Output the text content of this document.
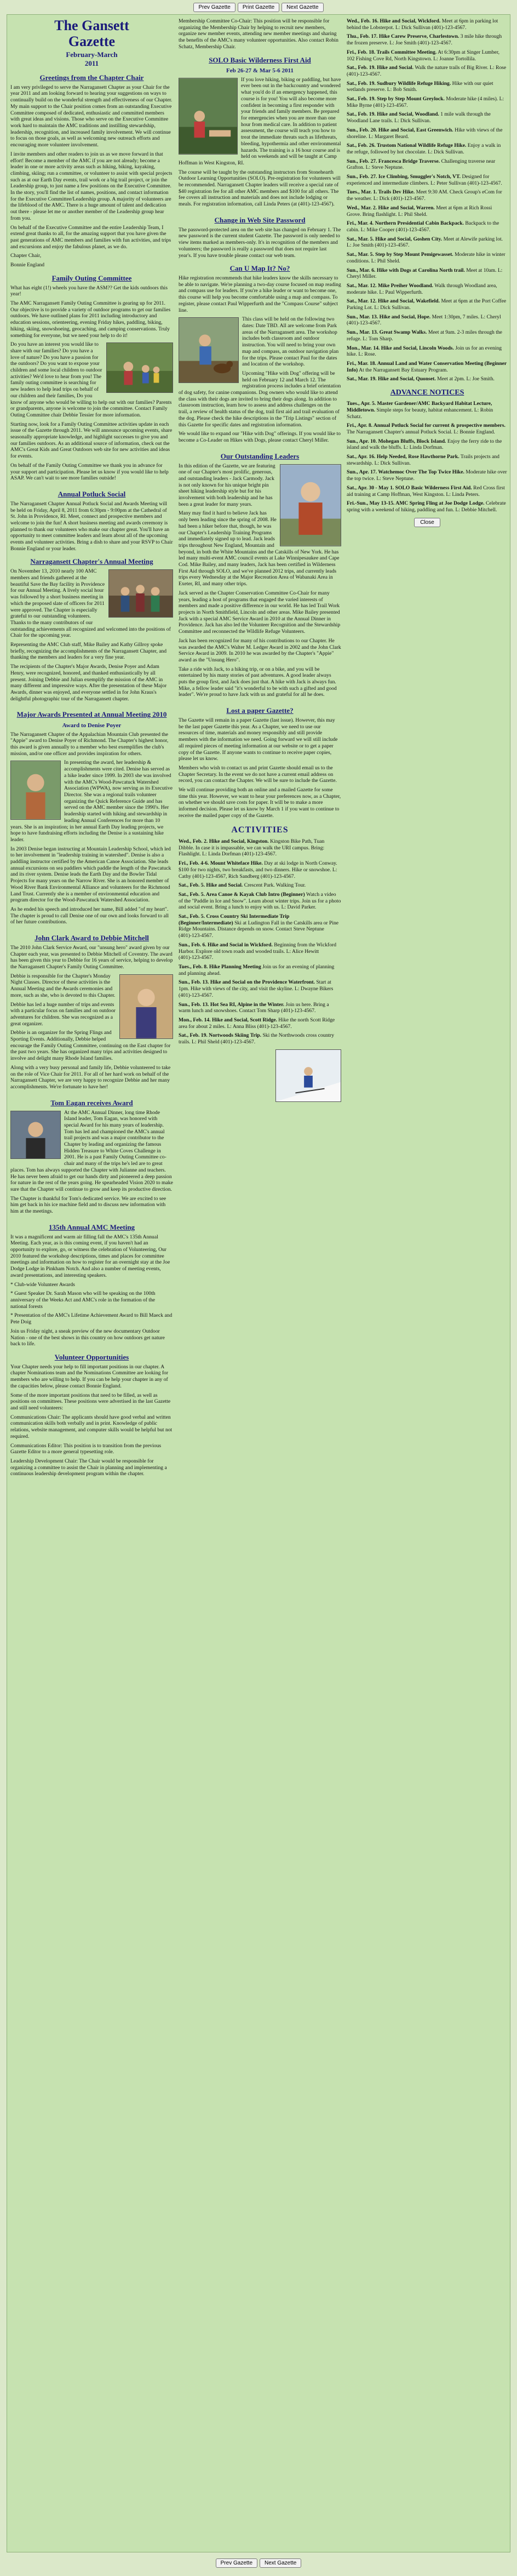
Prev Gazette	Print Gazette	Next Gazette
The Gansett
Gazette
February-March
2011
Greetings from the Chapter Chair

I am very privileged to serve the Narragansett Chapter as your Chair for the year 2011 and am looking forward to hearing your suggestions on ways to continually build on the wonderful strength and effectiveness of our Chapter. My main support to the Chair position comes from an outstanding Executive Committee composed of dedicated, enthusiastic and committed members with great ideas and visions. Those who serve on the Executive Committee work hard to maintain the AMC traditions and instilling stewardship, leadership, recognition, and increased family involvement. We will continue to focus on those goals, as well as welcoming new outreach efforts and encouraging more volunteer involvement.

I invite members and other readers to join us as we move forward in that effort! Become a member of the AMC if you are not already; become a leader in one or more activity areas such as hiking, biking, kayaking, climbing, skiing; run a committee, or volunteer to assist with special projects such as at our Earth Day events, trail work or a big trail project, or join the Leadership group, to just name a few positions on the Executive Committee. In the story, you'll find the list of names, positions, and contact information for the Executive Committee/Leadership group. A majority of volunteers are the lifeblood of the AMC. There is a huge amount of talent and dedication out there - please let me or another member of the Leadership group hear from you.

On behalf of the Executive Committee and the entire Leadership Team, I extend great thanks to all, for the amazing support that you have given the past generations of AMC members and families with fun activities, and trips and excursions and enjoy the fabulous planet, as we do.

Chapter Chair,

Bonnie England

Family Outing Committee

What has eight (1!) wheels you have the ASM?? Get the kids outdoors this year!

The AMC Narragansett Family Outing Committee is gearing up for 2011. Our objective is to provide a variety of outdoor programs to get our families outdoors. We have outlined plans for 2011 including introductory and education sessions, orienteering, evening Friday hikes, paddling, biking, hiking, skiing, snowshoeing, geocaching, and camping conservations. Truly something for everyone, but we need your help to do it!

Do you have an interest you would like to share with our families? Do you have a love of nature? Do you have a passion for the outdoors? Do you want to expose your children and some local children to outdoor activities? We'd love to hear from you! The family outing committee is searching for new leaders to help lead trips on behalf of our children and their families, Do you know of anyone who would be willing to help out with our families? Parents or grandparents, anyone is welcome to join the committee. Contact Family Outing Committee chair Debbie Tessier for more information.

Starting now, look for a Family Outing Committee activities update in each issue of the Gazette through 2011. We will announce upcoming events, share seasonally appropriate knowledge, and highlight successes to give you and our families outdoors. As an additional source of information, check out the AMC's Great Kids and Great Outdoors web site for new activities and ideas for events.

On behalf of the Family Outing Committee we thank you in advance for your support and participation. Please let us know if you would like to help ASAP. We can't wait to see more families outside!

Annual Potluck Social

The Narragansett Chapter Annual Potluck Social and Awards Meeting will be held on Friday, April 8, 2011 from 6:30pm - 9:00pm at the Cathedral of St. John in Providence, RI. Meet, connect and prospective members and welcome to join the fun! A short business meeting and awards ceremony is planned to thank our volunteers who make our chapter great. You'll have an opportunity to meet committee leaders and learn about all of the upcoming events and volunteer activities. Bring a dish to share and your RSVP to Chair Bonnie England or your leader.

Narragansett Chapter's Annual Meeting

On November 13, 2010 nearly 100 AMC members and friends gathered at the beautiful Save the Bay facility in Providence for our Annual Meeting. A lively social hour was followed by a short business meeting in which the proposed slate of officers for 2011 were approved. The Chapter is especially grateful to our outstanding volunteers. Thanks to the many contributors of our outstanding achievements all recognized and welcomed into the positions of Chair for the upcoming year.

Representing the AMC Club staff, Mike Bailey and Kathy Gillroy spoke briefly, recognizing the accomplishments of the Narragansett Chapter, and thanking the members and leaders for a very fine year.

The recipients of the Chapter's Major Awards, Denise Poyer and Adam Henry, were recognized, honored, and thanked enthusiastically by all present. Joining Debbie and Julian exemplify the mission of the AMC in many different and impressive ways. After the presentation of these Major Awards, dinner was enjoyed, and everyone settled in for John Kraus's delightful photographic tour of the Narragansett chapter.

Major Awards Presented at Annual Meeting 2010
Award to Denise Poyer

The Narragansett Chapter of the Appalachian Mountain Club presented the "Appie" award to Denise Poyer of Richmond. The Chapter's highest honor, this award is given annually to a member who best exemplifies the club's mission, and/or one officer and provides inspiration for others.

In presenting the award, her leadership & accomplishments were cited. Denise has served as a hike leader since 1999. In 2003 she was involved with the AMC's Wood-Pawcatuck Watershed Association (WPWA), now serving as its Executive Director. She was a regional trails volunteer organizing the Quick Reference Guide and has served on the AMC member since the 1990's. Her leadership started with hiking and stewardship in leading Annual Conferences for more than 10 years. She is an inspiration; in her annual Earth Day leading projects, we hope to have fundraising efforts including the Denise is a sustaining hike leader.

In 2003 Denise began instructing at Mountain Leadership School, which led to her involvement in "leadership training in watershed". Denise is also a paddling instructor certified by the American Canoe Association. She leads annual excursions on sea paddlers which paddle the length of the Pawcatuck and its river system. Denise leads the Earth Day and the Bowler Tidal Projects for many years on the Narrow River. She is an honored member of Wood River Bank Environmental Alliance and volunteers for the Richmond Land Trust. Currently she is a member of environmental education and program director for the Wood-Pawcatuck Watershed Association.

As he ended his speech and introduced her name, Bill added "of my heart". The chapter is proud to call Denise one of our own and looks forward to all of her future contributions.

John Clark Award to Debbie Mitchell

The 2010 John Clark Service Award, our "unsung hero" award given by our Chapter each year, was presented to Debbie Mitchell of Coventry. The award has been given this year to Debbie for 16 years of service, helping to develop the Narragansett Chapter's Family Outing Committee.

Debbie is responsible for the Chapter's Monday Night Classes. Director of these activities is the Annual Meeting and the Awards ceremonies and more, such as she, who is devoted to this Chapter.

Debbie has led a huge number of trips and events with a particular focus on families and on outdoor adventures for children. She was recognized as a great organizer.

Debbie is an organizer for the Spring Flings and Sporting Events. Additionally, Debbie helped encourage the Family Outing Committee, continuing on the East chapter for the past two years. She has organized many trips and activities designed to involve and delight many Rhode Island families.

Along with a very busy personal and family life, Debbie volunteered to take on the role of Vice Chair for 2011. For all of her hard work on behalf of the Narragansett Chapter, we are very happy to recognize Debbie and her many accomplishments. We're fortunate to have her!

Tom Eagan receives Award

At the AMC Annual Dinner, long time Rhode Island leader, Tom Eagan, was honored with special Award for his many years of leadership. Tom has led and championed the AMC's annual trail projects and was a major contributor to the Chapter by leading and organizing the famous Hidden Treasure to White Coves Challenge in 2001. He is a past Family Outing Committee co-chair and many of the trips he's led are to great places. Tom has always supported the Chapter with Julianne and teachers. He has never been afraid to get our hands dirty and pioneered a deep passion for nature in the rest of the years going. He spearheaded Vision 2020 to make sure that the Chapter will continue to grow and keep its productive direction.

The Chapter is thankful for Tom's dedicated service. We are excited to see him get back in his ice machine field and to discuss new information with him at the meetings.

135th Annual AMC Meeting

It was a magnificent and warm air filling fall the AMC's 135th Annual Meeting. Each year, as is this coming event, if you haven't had an opportunity to explore, go, or witness the celebration of Volunteering, Our 2010 featured the workshop descriptions, times and places for committee meetings and information on how to register for an overnight stay at the Joe Dodge Lodge in Pinkham Notch. And also a number of meeting events, award presentations, and interesting speakers.

* Club-wide Volunteer Awards

* Guest Speaker Dr. Sarah Mason who will be speaking on the 100th anniversary of the Weeks Act and AMC's role in the formation of the national forests

* Presentation of the AMC's Lifetime Achievement Award to Bill Maeck and Pete Doig

Join us Friday night, a sneak preview of the new documentary Outdoor Nation - one of the best shows in this country on how outdoors get nature back to life.

Volunteer Opportunities

Your Chapter needs your help to fill important positions in our chapter. A chapter Nominations team and the Nominations Committee are looking for members who are willing to help. If you can be help your chapter in any of the capacities below, please contact Bonnie England.

Some of the more important positions that need to be filled, as well as positions on committees. These positions were advertised in the last Gazette and still need volunteers:

Communications Chair: The applicants should have good verbal and written communication skills both verbally and in print. Knowledge of public relations, website management, and computer skills would be helpful but not required.

Communications Editor: This position is to transition from the previous Gazette Editor to a more general typesetting role.

Leadership Development Chair: The Chair would be responsible for organizing a committee to assist the Chair in planning and implementing a continuous leadership development program within the chapter.

Membership Committee Co-Chair: This position will be responsible for organizing the Membership Chair by helping to recruit new members, organize new member events, attending new member meetings and sharing the benefits of the AMC's many volunteer opportunities. Also contact Robin Schatz, Membership Chair.

SOLO Basic Wilderness First Aid
Feb 26-27 & Mar 5-6 2011

If you love hiking, biking or paddling, but have ever been out in the backcountry and wondered what you'd do if an emergency happened, this course is for you! You will also become more confident in becoming a first responder with your friends and family members. Be prepared for emergencies when you are more than one hour from medical care. In addition to patient assessment, the course will teach you how to treat the immediate threats such as lifethreats, bleeding, hypothermia and other environmental hazards. The training is a 16 hour course and is held on weekends and will be taught at Camp Hoffman in West Kingston, RI.

The course will be taught by the outstanding instructors from Stonehearth Outdoor Learning Opportunities (SOLO). Pre-registration for volunteers will be recommended. Narragansett Chapter leaders will receive a special rate of $40 registration fee for all other AMC members and $100 for all others. The fee covers all instruction and materials and does not include lodging or meals. For registration information, call Linda Peters (at (401)-123-4567).

Change in Web Site Password

The password-protected area on the web site has changed on February 1. The new password is the current student Gazette. The password is only needed to view items marked as members-only. It's in recognition of the members and volunteers; the password is really a password that does not require last year's. If you have trouble please contact our web team.

Can U Map It? No?

Hike registration recommends that hike leaders know the skills necessary to be able to navigate. We're planning a two-day course focused on map reading and compass use for leaders. If you're a hike leader or want to become one, this course will help you become comfortable using a map and compass. To register, please contact Paul Wipperfurth and the "Compass Course" subject line.

This class will be held on the following two dates: Date TBD. All are welcome from Park areas of the Narragansett area. The workshop includes both classroom and outdoor instruction. You will need to bring your own map and compass, an outdoor navigation plan for the trips. Please contact Paul for the dates and location of the workshop.

Upcoming "Hike with Dog" offering will be held on February 12 and March 12. The registration process includes a brief orientation of dog safety, for canine companions. Dog owners who would like to attend the class with their dogs are invited to bring their dogs along. In addition to classroom instruction, learn how to assess and address challenges on the trail, a review of health status of the dog, trail first aid and trail evaluation of the dog. Please check the hike descriptions in the "Trip Listings" section of this Gazette for specific dates and registration information.

We would like to expand our "Hike with Dog" offerings. If you would like to become a Co-Leader on Hikes with Dogs, please contact Cheryl Miller.

Our Outstanding Leaders

In this edition of the Gazette, we are featuring one of our Chapter's most prolific, generous, and outstanding leaders - Jack Carmody. Jack is not only known for his unique bright pin sheet hiking leadership style but for his involvement with both leadership and he has been a great leader for many years.

Many may find it hard to believe Jack has only been leading since the spring of 2008. He had been a hiker before that, though, he was our Chapter's Leadership Training Programs and immediately signed up to lead. Jack leads trips throughout New England, Mountain and beyond, in both the White Mountains and the Catskills of New York. He has led many multi-event AMC council events at Lake Winnipesaukee and Cape Cod. Mike Bailey, and many leaders, Jack has been certified in Wilderness First Aid through SOLO, and we've planned 2012 trips, and currently leads trips every Wednesday at the Major Recreation Area of Wabanaki Area in Exeter, RI, and many other trips.

Jack served as the Chapter Conservation Committee Co-Chair for many years, leading a host of programs that engaged the varied interests of members and made a positive difference in our world. He has led Trail Work projects in North Smithfield, Lincoln and other areas. Mike Bailey presented Jack with a special AMC Service Award in 2010 at the Annual Dinner in Providence. Jack has also led the Volunteer Recognition and the Stewardship Committee and reconnected the Wildlife Refuge Volunteers.

Jack has been recognized for many of his contributions to our Chapter. He was awarded the AMC's Walter M. Ledger Award in 2002 and the John Clark Service Award in 2009. In 2010 he was awarded by the Chapter's "Appie" award as the "Unsung Hero".

Take a ride with Jack, to a hiking trip, or on a bike, and you will be entertained by his many stories of past adventures. A good leader always puts the group first, and Jack does just that. A hike with Jack is always fun. Mike, a fellow leader said "it's wonderful to be with such a gifted and good leader". We're proud to have Jack with us and grateful for all he does.

Lost a paper Gazette?

The Gazette will remain in a paper Gazette (last issue). However, this may be the last paper Gazette this year. As a Chapter, we need to use our resources of time, materials and money responsibly and still provide members with the information we need. Going forward we will still include all required pieces of meeting information at our website or to get a paper copy of the Gazette. If anyone wants to continue to receive paper copies, please let us know.

Members who wish to contact us and print Gazette should email us to the Chapter Secretary. In the event we do not have a current email address on record, you can contact the Chapter. We will be sure to include the Gazette.

We will continue providing both an online and a mailed Gazette for some time this year. However, we want to hear your preferences now, as a Chapter, on whether we should save costs for paper. It will be to make a more informed decision. Please let us know by March 1 if you want to continue to receive the mailed paper copy of the Gazette.

ACTIVITIES
Wed., Feb. 2. Hike and Social, Kingston. Kingston Bike Path, Tuan Dibble. In case it is impassable, we can walk the URI campus. Bring: Flashlight. L: Linda Dorfman (401)-123-4567.
Fri., Feb. 4-6. Mount Whiteface Hike. Day at ski lodge in North Conway. $100 for two nights, two breakfasts, and two dinners. Hike or snowshoe. L: Cathy (401)-123-4567, Rich Sandberg (401)-123-4567.
Sat., Feb. 5. Hike and Social. Crescent Park. Walking Tour.
Sat., Feb. 5. Area Canoe & Kayak Club Intro (Beginner) Watch a video of the "Paddle in Ice and Snow". Learn about winter trips. Join us for a photo and social event. Bring a lunch to enjoy with us. L: David Parker.
Sat., Feb. 5. Cross Country Ski Intermediate Trip (Beginner/Intermediate) Ski at Ludington Fall in the Catskills area or Pine Ridge Mountains. Distance depends on snow. Contact Steve Neptune (401)-123-4567.
Sun., Feb. 6. Hike and Social in Wickford. Beginning from the Wickford Harbor. Explore old town roads and wooded trails. L: Alice Hewitt (401)-123-4567.
Tues., Feb. 8. Hike Planning Meeting Join us for an evening of planning and planning ahead.
Sun., Feb. 13. Hike and Social on the Providence Waterfront. Start at 1pm. Hike with views of the city, and visit the skyline. L: Dwayne Bikers (401)-123-4567.
Sun., Feb. 13. Hot Sea RI, Alpine in the Winter. Join us here. Bring a warm lunch and snowshoes. Contact Tom Sharp (401)-123-4567.
Mon., Feb. 14. Hike and Social, Scott Ridge. Hike the north Scott Ridge area for about 2 miles. L: Anna Bliss (401)-123-4567.
Sat., Feb. 19. Nortwoods Skiing Trip. Ski the Northwoods cross country trails. L: Phil Sheld (401)-123-4567.
Wed., Feb. 16. Hike and Social, Wickford. Meet at 6pm in parking lot behind the Lobsterpot. L: Dick Sullivan (401)-123-4567.
Thu., Feb. 17. Hike Carew Preserve, Charlestown. 3 mile hike through the frozen preserve. L: Joe Smith (401)-123-4567.
Fri., Feb. 18. Trails Committee Meeting. At 6:30pm at Singer Lumber, 102 Fishing Cove Rd, North Kingstown. L: Joanne Tortollila.
Sat., Feb. 19. Hike and Social. Walk the nature trails of Big River. L: Rose (401)-123-4567.
Sat., Feb. 19. Sudbury Wildlife Refuge Hiking. Hike with our quiet wetlands preserve. L: Bob Smith.
Sat., Feb. 19. Step by Step Mount Greylock. Moderate hike (4 miles). L: Mike Byrne (401)-123-4567.
Sat., Feb. 19. Hike and Social, Woodland. 1 mile walk through the Woodland Lane trails. L: Dick Sullivan.
Sun., Feb. 20. Hike and Social, East Greenwich. Hike with views of the shoreline. L: Margaret Beard.
Sat., Feb. 26. Trustom National Wildlife Refuge Hike. Enjoy a walk in the refuge, followed by hot chocolate. L: Dick Sullivan.
Sun., Feb. 27. Francesca Bridge Traverse. Challenging traverse near Grafton. L: Steve Neptune.
Sun., Feb. 27. Ice Climbing, Smuggler's Notch, VT. Designed for experienced and intermediate climbers. L: Peter Sullivan (401)-123-4567.
Tues., Mar. 1. Trails Dev Hike. Meet 9:30 AM. Check Group's eCom for the weather. L: Dick (401)-123-4567.
Wed., Mar. 2. Hike and Social, Warren. Meet at 6pm at Rich Rossi Grove. Bring flashlight. L: Phil Sheld.
Fri., Mar. 4. Northern Presidential Cabin Backpack. Backpack to the cabin. L: Mike Cooper (401)-123-4567.
Sat., Mar. 5. Hike and Social, Goshen City. Meet at Alewife parking lot. L: Joe Smith (401)-123-4567.
Sat., Mar. 5. Step by Step Mount Pemigewasset. Moderate hike in winter conditions. L: Phil Sheld.
Sun., Mar. 6. Hike with Dogs at Carolina North trail. Meet at 10am. L: Cheryl Miller.
Sat., Mar. 12. Mike Preiher Woodland. Walk through Woodland area, moderate hike. L: Paul Wipperfurth.
Sat., Mar. 12. Hike and Social, Wakefield. Meet at 6pm at the Port Coffee Parking Lot. L: Dick Sullivan.
Sun., Mar. 13. Hike and Social, Hope. Meet 1:30pm, 7 miles. L: Cheryl (401)-123-4567.
Sun., Mar. 13. Great Swamp Walks. Meet at 9am. 2-3 miles through the refuge. L: Tom Sharp.
Mon., Mar. 14. Hike and Social, Lincoln Woods. Join us for an evening hike. L: Rose.
Fri., Mar. 18. Annual Land and Water Conservation Meeting (Beginner Info) At the Narragansett Bay Estuary Program.
Sat., Mar. 19. Hike and Social, Quonset. Meet at 2pm. L: Joe Smith.
ADVANCE NOTICES
Tues., Apr. 5. Master Gardener/AMC Backyard Habitat Lecture, Middletown. Simple steps for beauty, habitat enhancement. L: Robin Schatz.
Fri., Apr. 8. Annual Potluck Social for current & prospective members. The Narragansett Chapter's annual Potluck Social. L: Bonnie England.
Sun., Apr. 10. Mohegan Bluffs, Block Island. Enjoy the ferry ride to the island and walk the bluffs. L: Linda Dorfman.
Sat., Apr. 16. Help Needed, Rose Hawthorne Park. Trails projects and stewardship. L: Dick Sullivan.
Sun., Apr. 17. Watchemoc Over The Top Twice Hike. Moderate hike over the top twice. L: Steve Neptune.
Sat., Apr. 30 - May 1. SOLO Basic Wilderness First Aid. Red Cross first aid training at Camp Hoffman, West Kingston. L: Linda Peters.
Fri.-Sun., May 13-15. AMC Spring Fling at Joe Dodge Lodge. Celebrate spring with a weekend of hiking, paddling and fun. L: Debbie Mitchell.
Close
Prev Gazette	Next Gazette
